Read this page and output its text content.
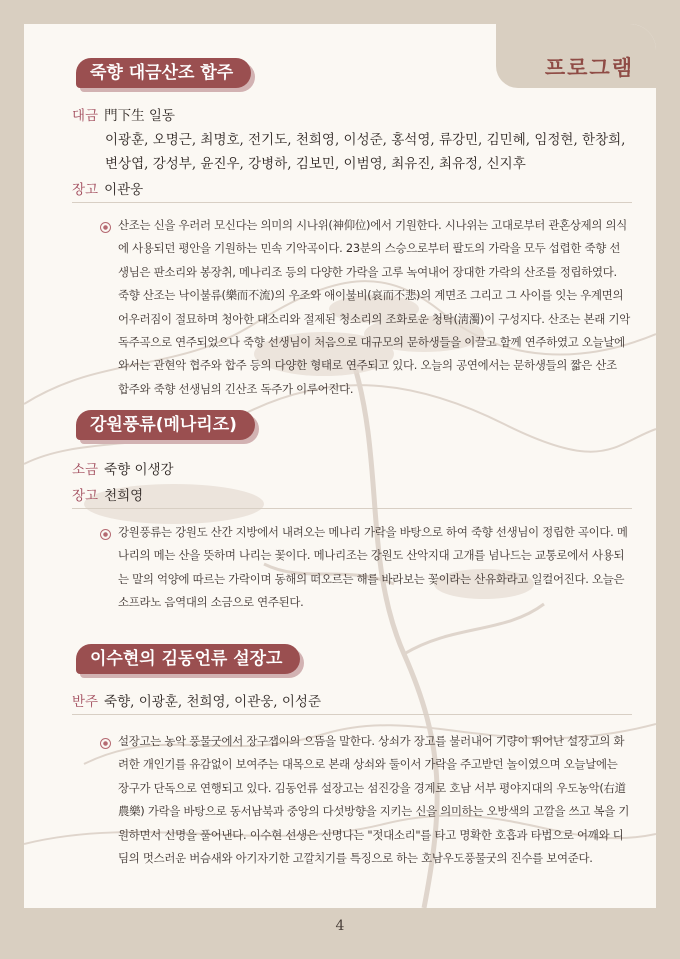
프로그램
죽향 대금산조 합주
대금 門下生 일동
이광훈, 오명근, 최명호, 전기도, 천희영, 이성준, 홍석영, 류강민, 김민혜, 임정현, 한창희,
변상엽, 강성부, 윤진우, 강병하, 김보민, 이범영, 최유진, 최유정, 신지후
장고 이관웅
산조는 신을 우러러 모신다는 의미의 시나위(神仰位)에서 기원한다. 시나위는 고대로부터 관혼상제의 의식에 사용되던 평안을 기원하는 민속 기악곡이다. 23분의 스승으로부터 팔도의 가락을 모두 섭렵한 죽향 선생님은 판소리와 봉장취, 메나리조 등의 다양한 가락을 고루 녹여내어 장대한 가락의 산조를 정립하였다. 죽향 산조는 낙이불류(樂而不流)의 우조와 애이불비(哀而不悲)의 계면조 그리고 그 사이를 잇는 우계면의 어우러짐이 절묘하며 청아한 대소리와 절제된 청소리의 조화로운 청탁(淸濁)이 구성지다. 산조는 본래 기악독주곡으로 연주되었으나 죽향 선생님이 처음으로 대규모의 문하생들을 이끌고 함께 연주하였고 오늘날에 와서는 관현악 협주와 합주 등의 다양한 형태로 연주되고 있다. 오늘의 공연에서는 문하생들의 짧은 산조 합주와 죽향 선생님의 긴산조 독주가 이루어진다.
강원풍류(메나리조)
소금 죽향 이생강
장고 천희영
강원풍류는 강원도 산간 지방에서 내려오는 메나리 가락을 바탕으로 하여 죽향 선생님이 정립한 곡이다. 메나리의 메는 산을 뜻하며 나리는 꽃이다. 메나리조는 강원도 산악지대 고개를 넘나드는 교통로에서 사용되는 말의 억양에 따르는 가락이며 동해의 떠오르는 해를 바라보는 꽃이라는 산유화라고 일컬어진다. 오늘은 소프라노 음역대의 소금으로 연주된다.
이수현의 김동언류 설장고
반주 죽향, 이광훈, 천희영, 이관웅, 이성준
설장고는 농악 풍물굿에서 장구잽이의 으뜸을 말한다. 상쇠가 장고를 불러내어 기량이 뛰어난 설장고의 화려한 개인기를 유감없이 보여주는 대목으로 본래 상쇠와 둘이서 가락을 주고받던 놀이였으며 오늘날에는 장구가 단독으로 연행되고 있다. 김동언류 설장고는 섬진강을 경계로 호남 서부 평야지대의 우도농악(右道農樂) 가락을 바탕으로 동서남북과 중앙의 다섯방향을 지키는 신을 의미하는 오방색의 고깔을 쓰고 복을 기원하면서 신명을 풀어낸다. 이수현 선생은 신명나는 "젓대소리"를 타고 명확한 호흡과 타법으로 어깨와 디딤의 멋스러운 버슴새와 아기자기한 고깔치기를 특징으로 하는 호남우도풍물굿의 진수를 보여준다.
4
